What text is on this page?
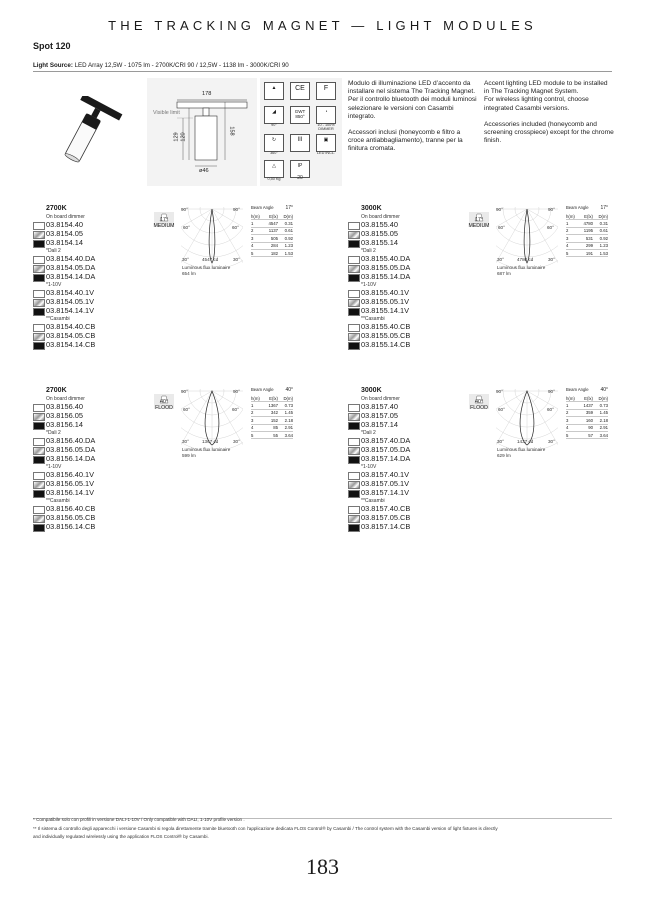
THE TRACKING MAGNET — LIGHT MODULES
Spot 120
Light Source: LED Array 12,5W - 1075 lm - 2700K/CRI 90 / 12,5W - 1138 lm - 3000K/CRI 90
178
Visible limit
129 120
158
ø46
▲	CE	F
◢
90°
GWT 850°
◔
10 - 100% DIMMER
↻
360°
III	▣
LED INCL.
△
0,50 Kg
IP
20

Modulo di illuminazione LED d’accento da installare nel sistema The Tracking Magnet.
Per il controllo bluetooth dei moduli luminosi selezionare le versioni con Casambi integrato.

Accessori inclusi (honeycomb e filtro a croce antiabbagliamento), tranne per la finitura cromata.

Accent lighting LED module to be installed in The Tracking Magnet System.
For wireless lighting control, choose integrated Casambi versions.

Accessories included (honeycomb and screening crosspiece) except for the chrome finish.

2700K
On board dimmer
03.8154.40
03.8154.05
03.8154.14
*Dali 2
03.8154.40.DA
03.8154.05.DA
03.8154.14.DA
*1-10V
03.8154.40.1V
03.8154.05.1V
03.8154.14.1V
**Casambi
03.8154.40.CB
03.8154.05.CB
03.8154.14.CB
17°
MEDIUM
90°	90°
60°	60°
30°	30°
4547 cd
Luminous flux luminaire
654 lm
Beam Angle 17°
h(m)	E(lx)	D(m)
1	4547	0.31
2	1137	0.61
3	505	0.92
4	284	1.23
5	182	1.53
3000K
On board dimmer
03.8155.40
03.8155.05
03.8155.14
*Dali 2
03.8155.40.DA
03.8155.05.DA
03.8155.14.DA
*1-10V
03.8155.40.1V
03.8155.05.1V
03.8155.14.1V
**Casambi
03.8155.40.CB
03.8155.05.CB
03.8155.14.CB
17°
MEDIUM
90°	90°
60°	60°
30°	30°
4780 cd
Luminous flux luminaire
687 lm
Beam Angle 17°
h(m)	E(lx)	D(m)
1	4780	0.31
2	1195	0.61
3	531	0.92
4	299	1.23
5	191	1.53
2700K
On board dimmer
03.8156.40
03.8156.05
03.8156.14
*Dali 2
03.8156.40.DA
03.8156.05.DA
03.8156.14.DA
*1-10V
03.8156.40.1V
03.8156.05.1V
03.8156.14.1V
**Casambi
03.8156.40.CB
03.8156.05.CB
03.8156.14.CB
40°
FLOOD
90°	90°
60°	60°
30°	30°
1367 cd
Luminous flux luminaire
599 lm
Beam Angle 40°
h(m)	E(lx)	D(m)
1	1367	0.73
2	342	1.45
3	152	2.18
4	85	2.91
5	55	3.64
3000K
On board dimmer
03.8157.40
03.8157.05
03.8157.14
*Dali 2
03.8157.40.DA
03.8157.05.DA
03.8157.14.DA
*1-10V
03.8157.40.1V
03.8157.05.1V
03.8157.14.1V
**Casambi
03.8157.40.CB
03.8157.05.CB
03.8157.14.CB
40°
FLOOD
90°	90°
60°	60°
30°	30°
1437 cd
Luminous flux luminaire
629 lm
Beam Angle 40°
h(m)	E(lx)	D(m)
1	1437	0.73
2	359	1.45
3	160	2.18
4	90	2.91
5	57	3.64
* Compatibile solo con profili in versione DALI-1-10V / Only compatible with DALI, 1-10V profile version .
** Il sistema di controllo degli apparecchi i versione Casambi si regola direttamente tramite bluetooth con l’applicazione dedicata FLOS Control® by Casambi / The control system with the Casambi version of light fixtures is directly
and individually regulated wirelessly using the application FLOS Control® by Casambi.
183
